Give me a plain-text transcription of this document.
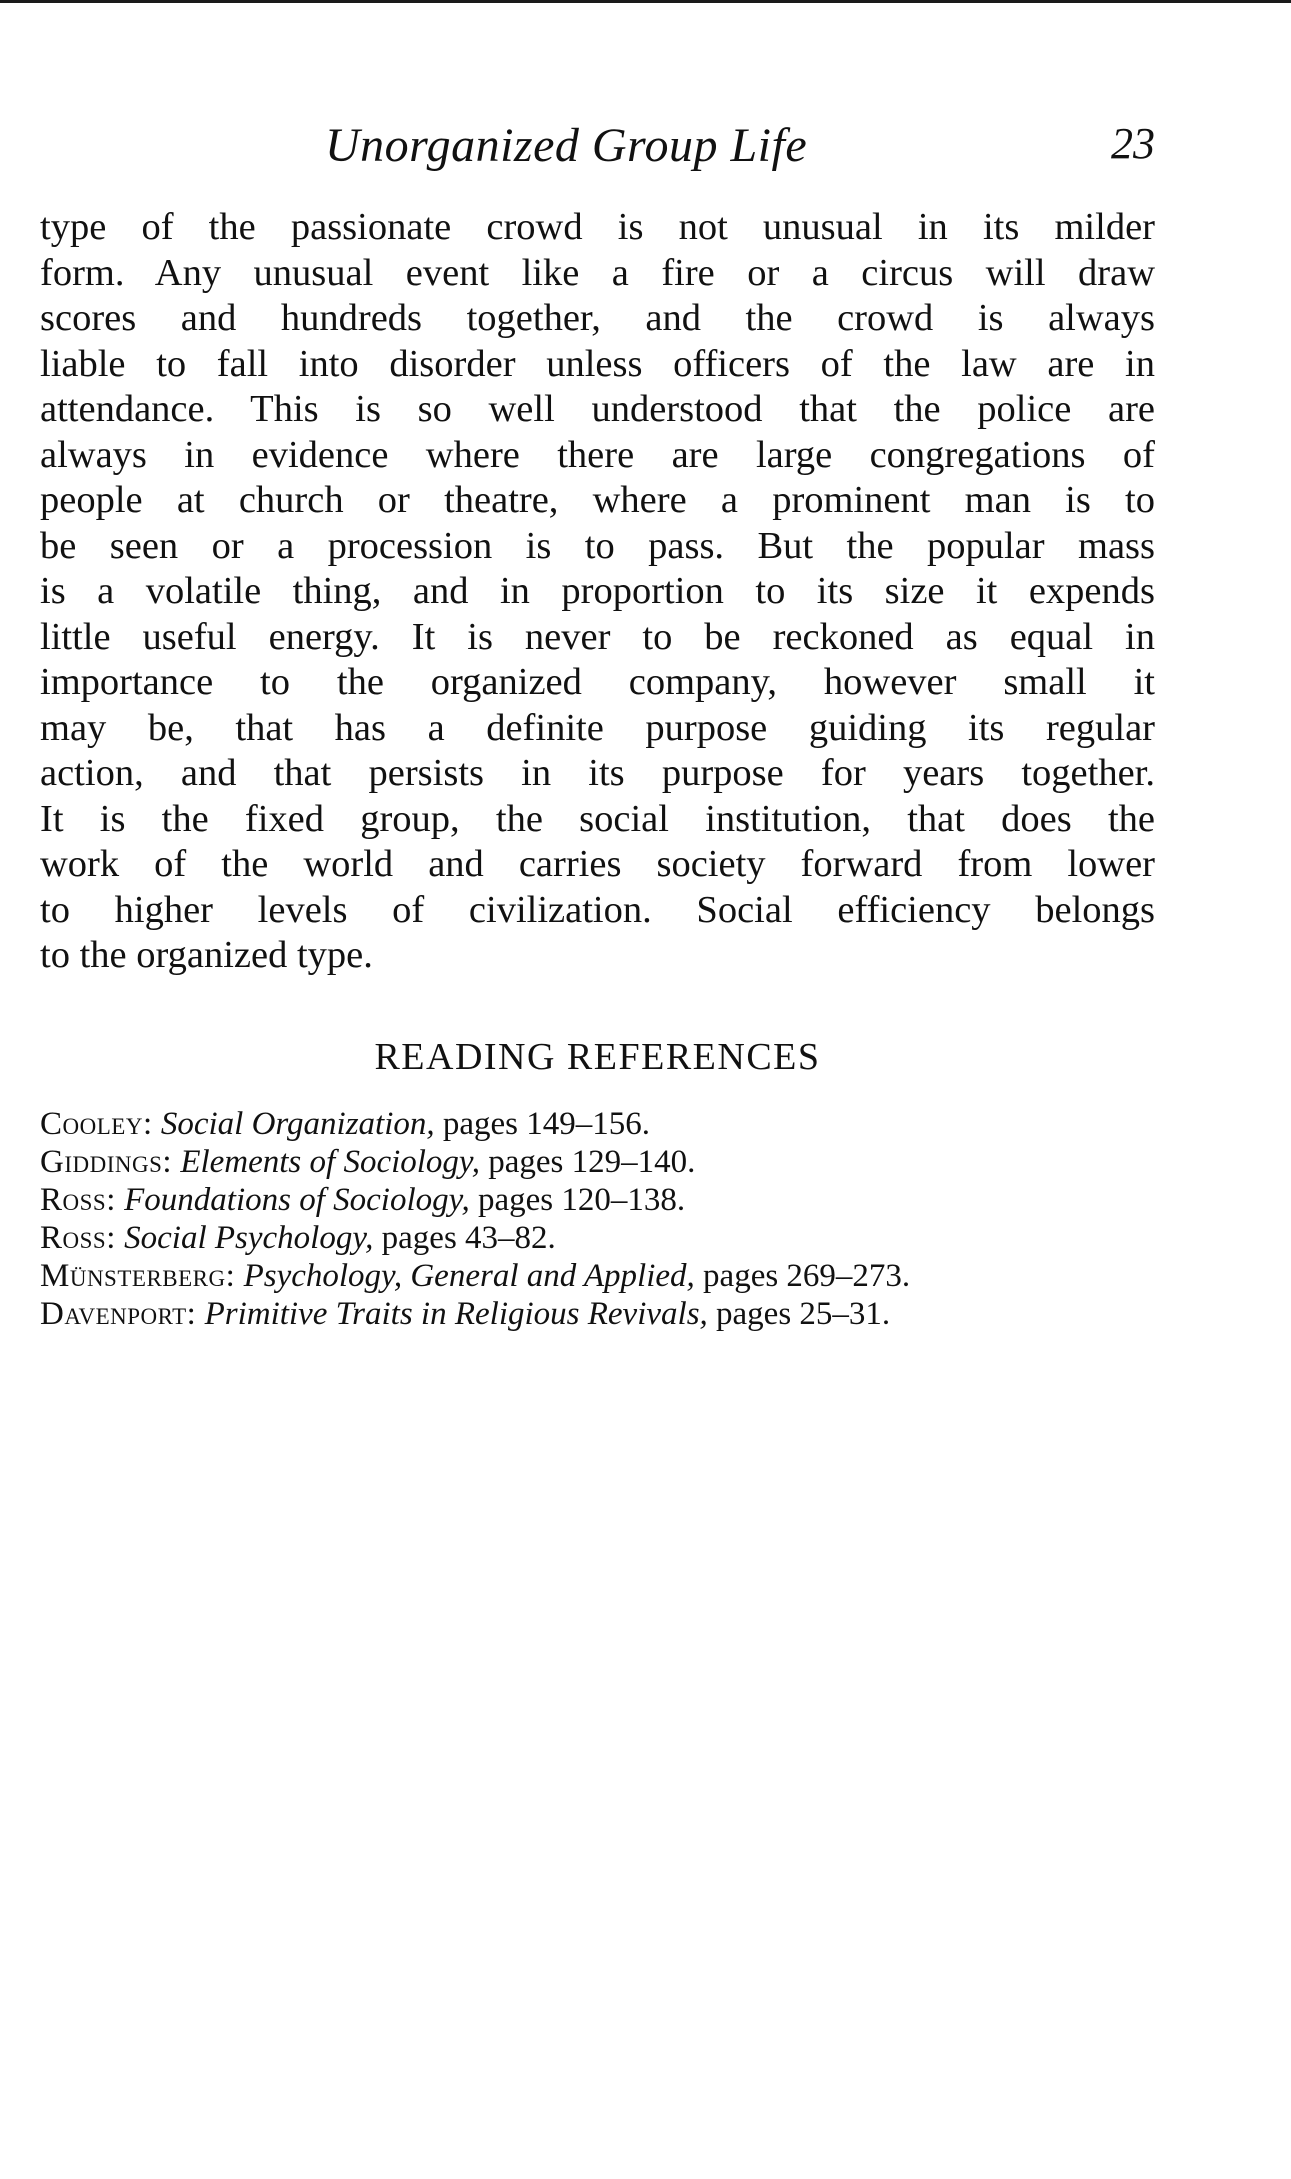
Unorganized Group Life	23

type of the passionate crowd is not unusual in its milder
form. Any unusual event like a fire or a circus will draw
scores and hundreds together, and the crowd is always
liable to fall into disorder unless officers of the law are in
attendance. This is so well understood that the police are
always in evidence where there are large congregations of
people at church or theatre, where a prominent man is to
be seen or a procession is to pass. But the popular mass
is a volatile thing, and in proportion to its size it expends
little useful energy. It is never to be reckoned as equal in
importance to the organized company, however small it
may be, that has a definite purpose guiding its regular
action, and that persists in its purpose for years together.
It is the fixed group, the social institution, that does the
work of the world and carries society forward from lower
to higher levels of civilization. Social efficiency belongs
to the organized type.

READING REFERENCES
Cooley: Social Organization, pages 149–156.
Giddings: Elements of Sociology, pages 129–140.
Ross: Foundations of Sociology, pages 120–138.
Ross: Social Psychology, pages 43–82.
Münsterberg: Psychology, General and Applied, pages 269–273.
Davenport: Primitive Traits in Religious Revivals, pages 25–31.
